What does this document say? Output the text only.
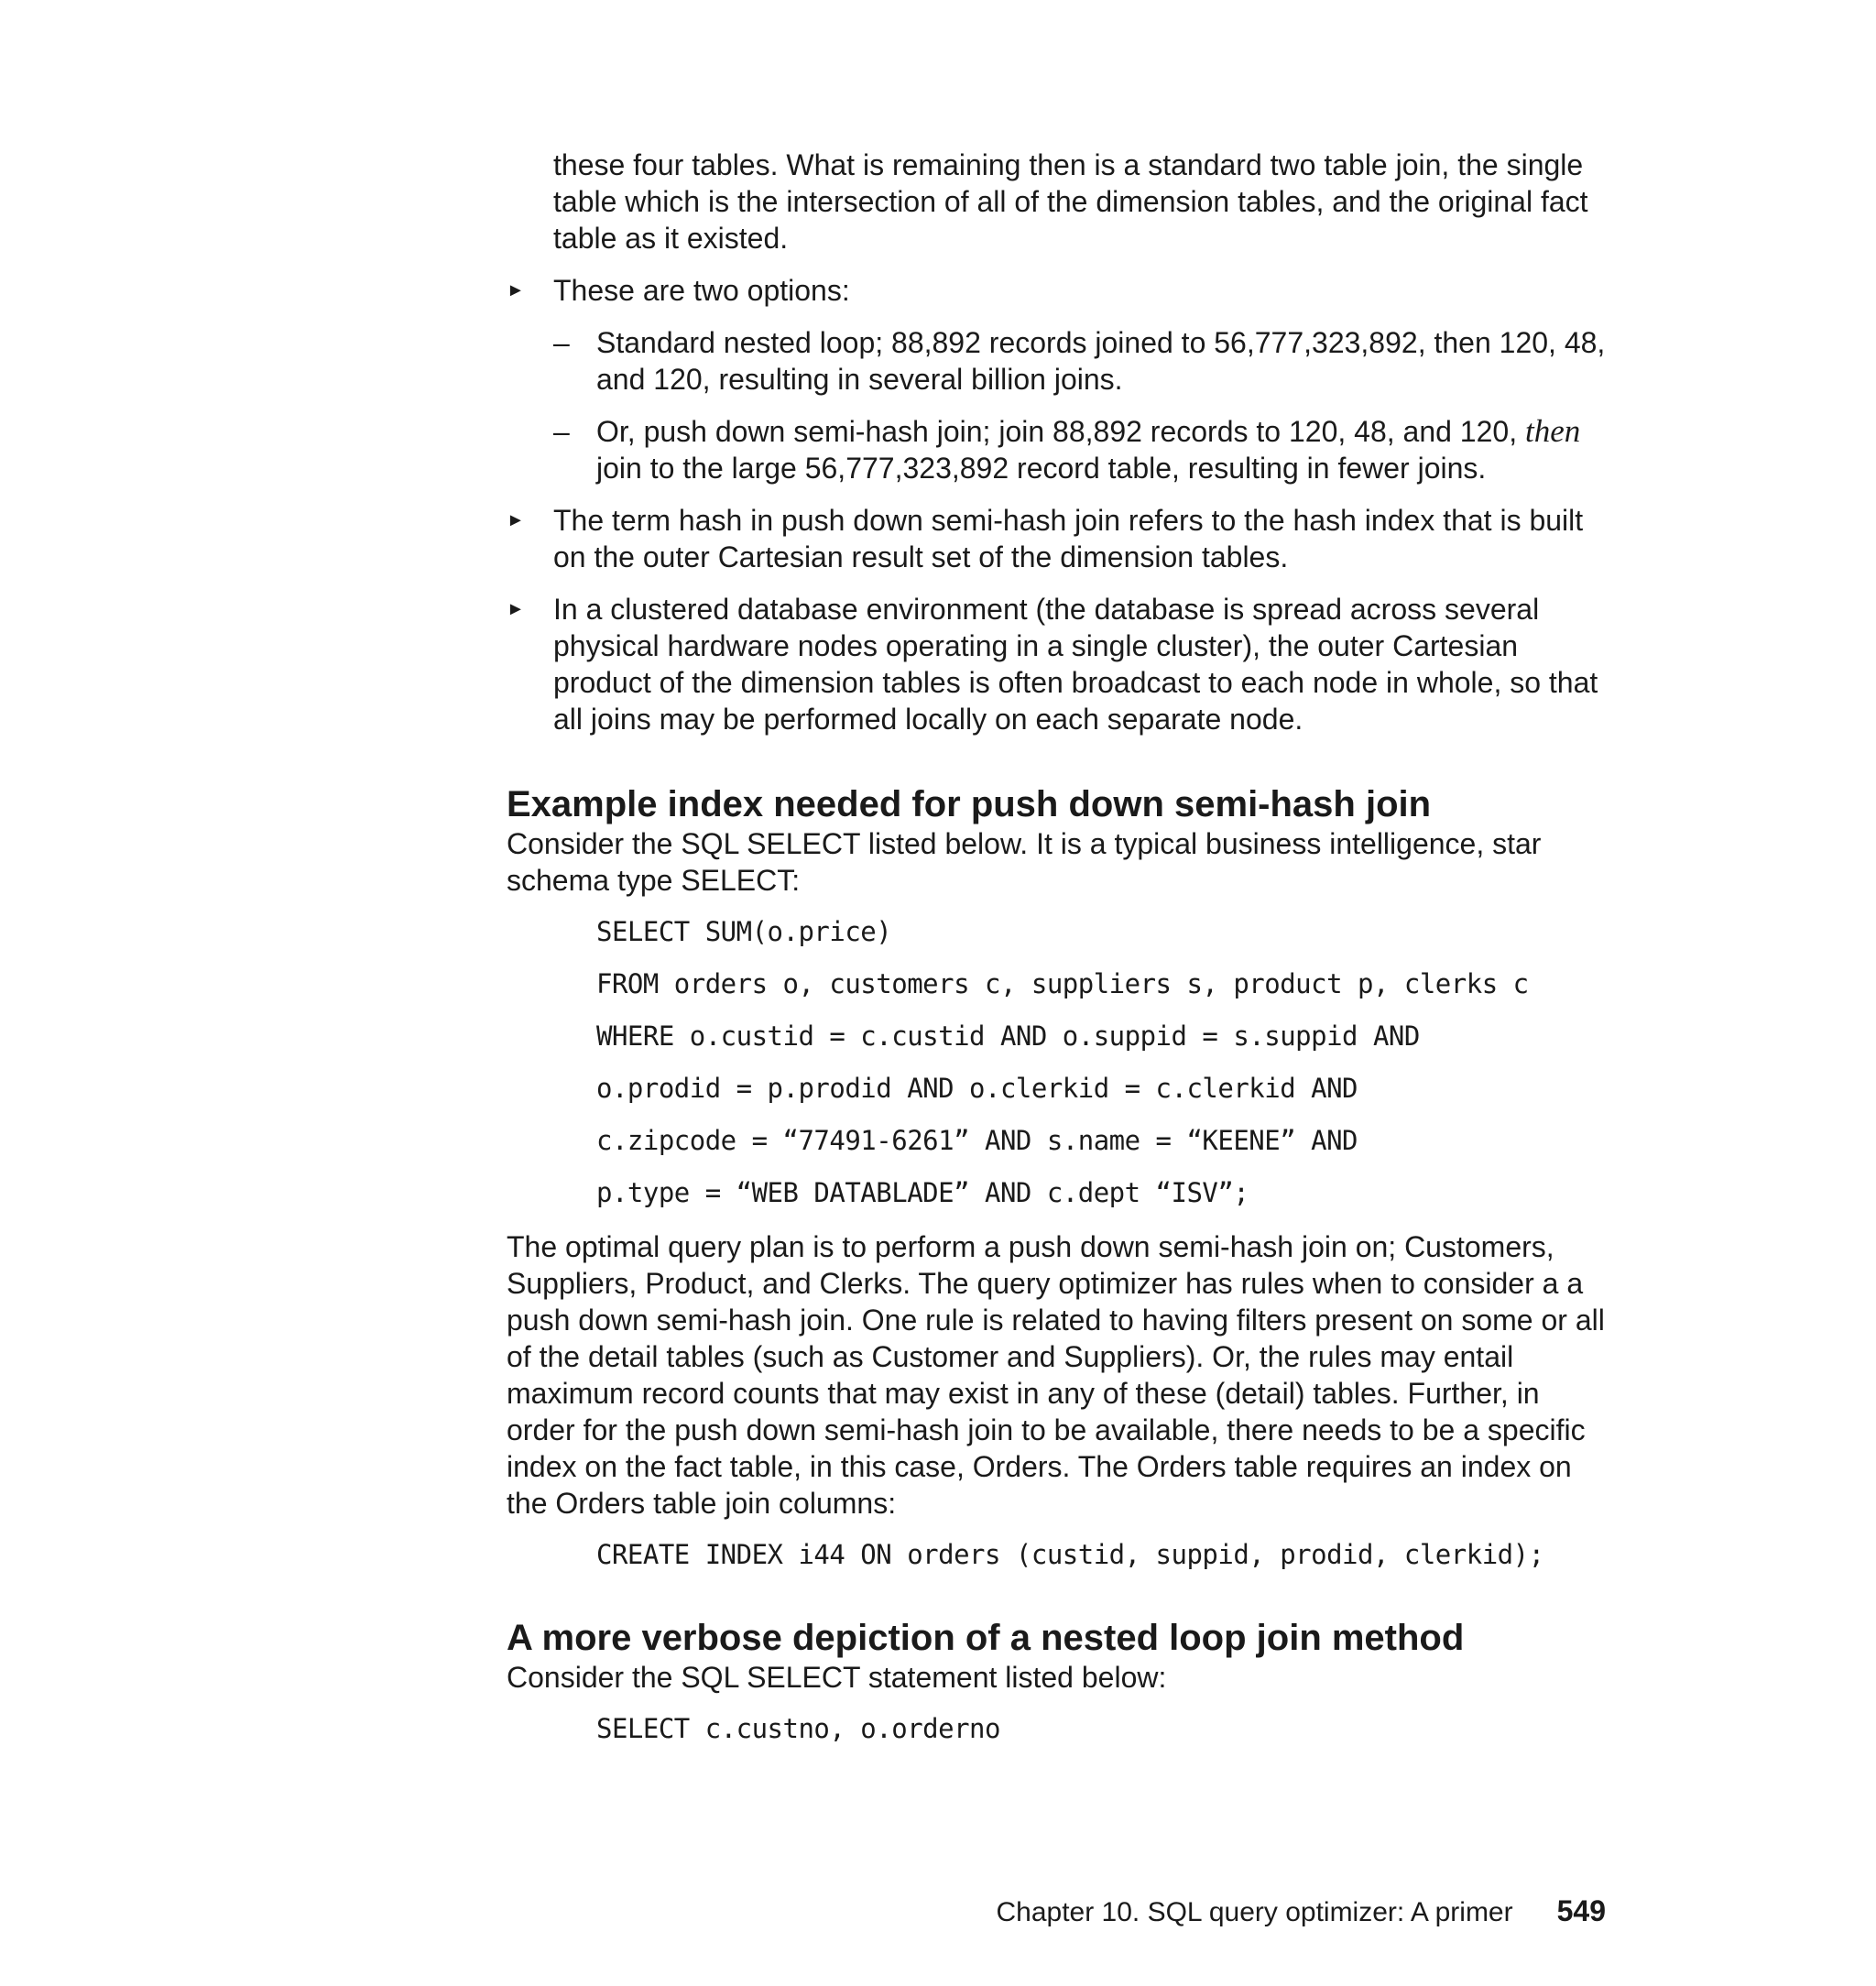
these four tables. What is remaining then is a standard two table join, the single table which is the intersection of all of the dimension tables, and the original fact table as it existed.

► These are two options:

– Standard nested loop; 88,892 records joined to 56,777,323,892, then 120, 48, and 120, resulting in several billion joins.

– Or, push down semi-hash join; join 88,892 records to 120, 48, and 120, then join to the large 56,777,323,892 record table, resulting in fewer joins.

► The term hash in push down semi-hash join refers to the hash index that is built on the outer Cartesian result set of the dimension tables.

► In a clustered database environment (the database is spread across several physical hardware nodes operating in a single cluster), the outer Cartesian product of the dimension tables is often broadcast to each node in whole, so that all joins may be performed locally on each separate node.

Example index needed for push down semi-hash join

Consider the SQL SELECT listed below. It is a typical business intelligence, star schema type SELECT:

SELECT SUM(o.price)
FROM orders o, customers c, suppliers s, product p, clerks c
WHERE o.custid = c.custid AND o.suppid = s.suppid AND
o.prodid = p.prodid AND o.clerkid = c.clerkid AND
c.zipcode = “77491-6261” AND s.name = “KEENE” AND
p.type = “WEB DATABLADE” AND c.dept “ISV”;

The optimal query plan is to perform a push down semi-hash join on; Customers, Suppliers, Product, and Clerks. The query optimizer has rules when to consider a a push down semi-hash join. One rule is related to having filters present on some or all of the detail tables (such as Customer and Suppliers). Or, the rules may entail maximum record counts that may exist in any of these (detail) tables. Further, in order for the push down semi-hash join to be available, there needs to be a specific index on the fact table, in this case, Orders. The Orders table requires an index on the Orders table join columns:

CREATE INDEX i44 ON orders (custid, suppid, prodid, clerkid);
A more verbose depiction of a nested loop join method

Consider the SQL SELECT statement listed below:

SELECT c.custno, o.orderno
Chapter 10. SQL query optimizer: A primer 549
